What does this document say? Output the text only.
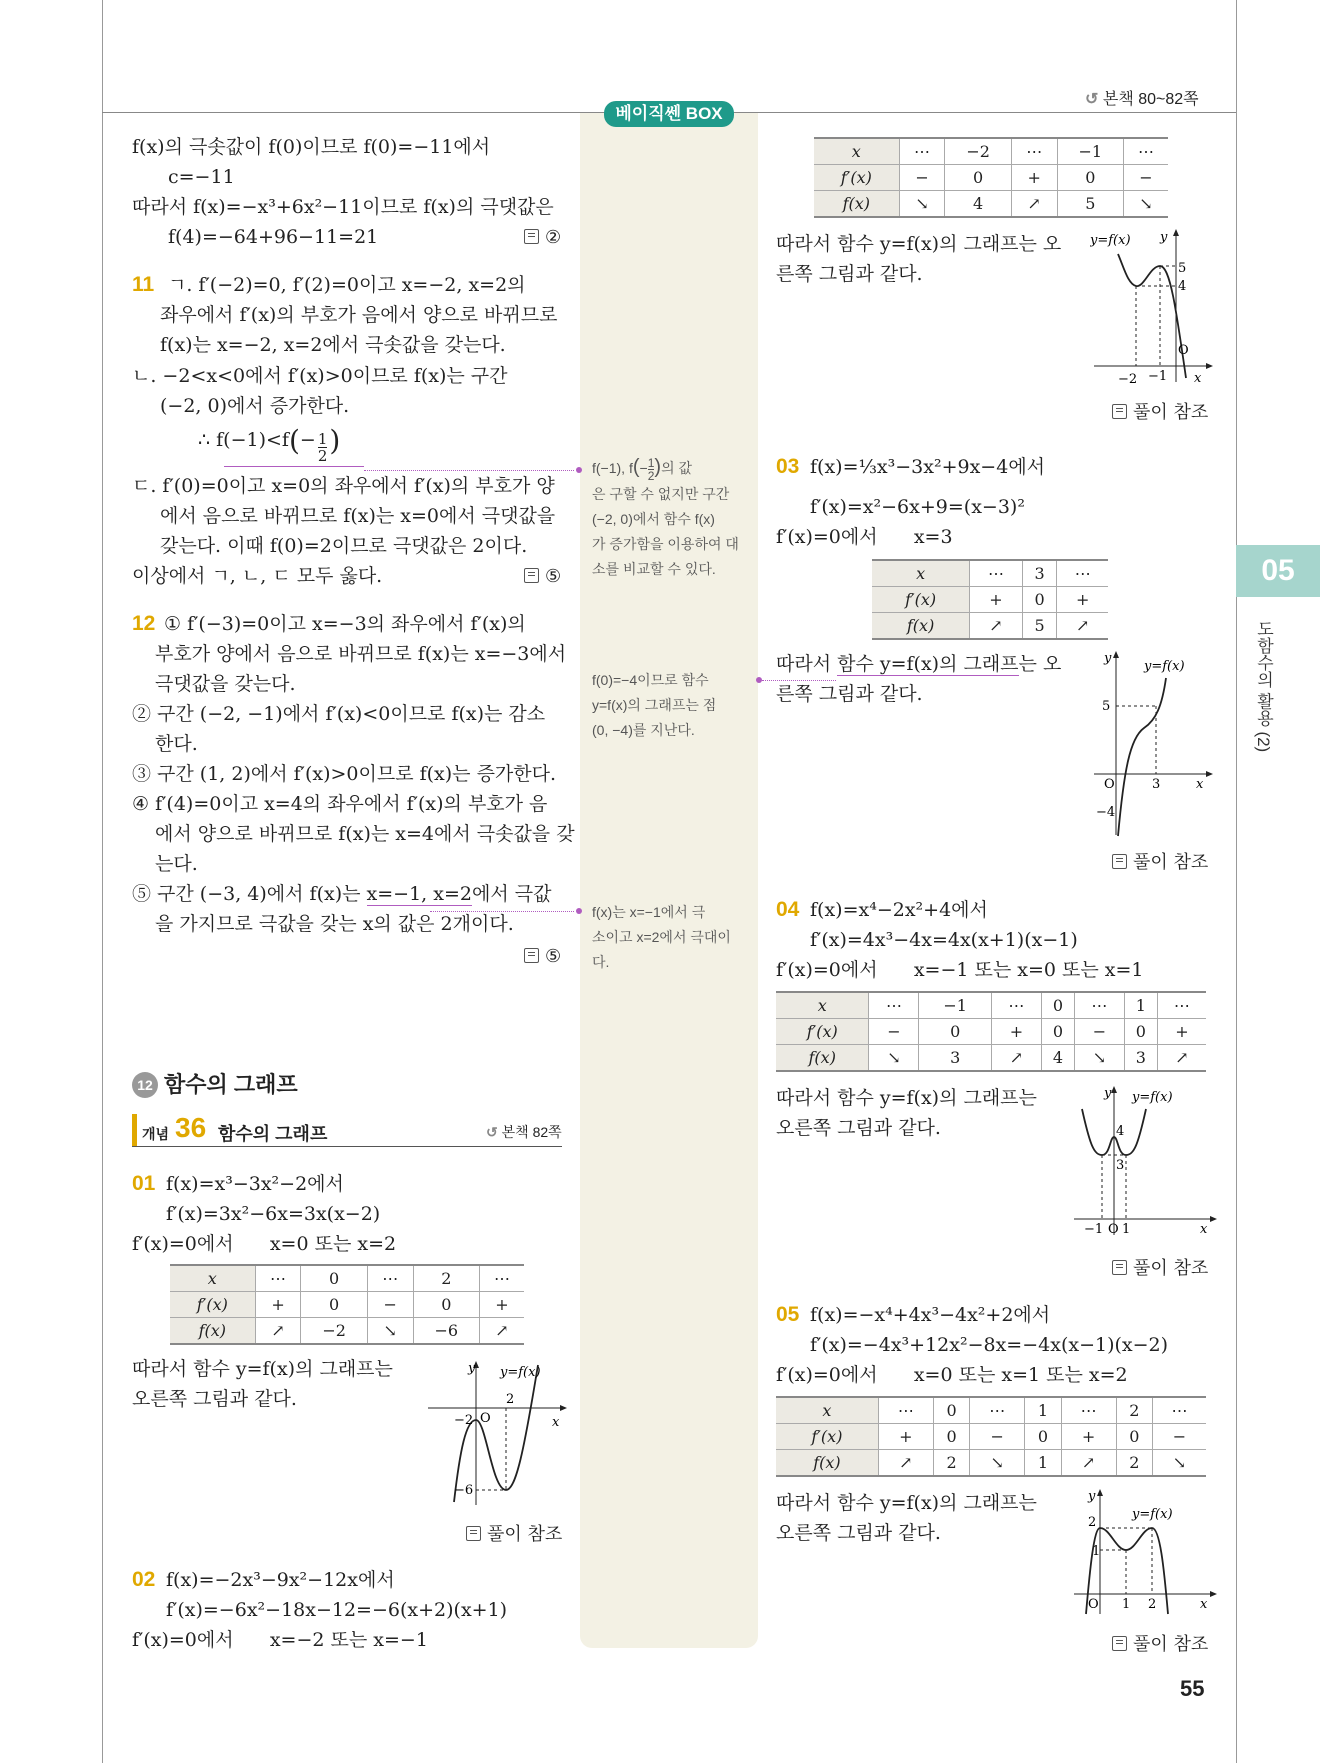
베이직쎈 BOX
↺ 본책 80~82쪽
05
도함수의 활용 (2)
f(x)의 극솟값이 f(0)이므로 f(0)=−11에서
c=−11
따라서 f(x)=−x³+6x²−11이므로 f(x)의 극댓값은
f(4)=−64+96−11=21	②
11 ㄱ. f′(−2)=0, f′(2)=0이고 x=−2, x=2의
좌우에서 f′(x)의 부호가 음에서 양으로 바뀌므로
f(x)는 x=−2, x=2에서 극솟값을 갖는다.
ㄴ. −2<x<0에서 f′(x)>0이므로 f(x)는 구간
(−2, 0)에서 증가한다.
∴ $f(-1)<f(- \frac{1}{2}$ )
ㄷ. f′(0)=0이고 x=0의 좌우에서 f′(x)의 부호가 양
에서 음으로 바뀌므로 f(x)는 x=0에서 극댓값을
갖는다. 이때 f(0)=2이므로 극댓값은 2이다.
이상에서 ㄱ, ㄴ, ㄷ 모두 옳다.	⑤
12 ① f′(−3)=0이고 x=−3의 좌우에서 f′(x)의
부호가 양에서 음으로 바뀌므로 f(x)는 x=−3에서
극댓값을 갖는다.
② 구간 (−2, −1)에서 f′(x)<0이므로 f(x)는 감소
한다.
③ 구간 (1, 2)에서 f′(x)>0이므로 f(x)는 증가한다.
④ f′(4)=0이고 x=4의 좌우에서 f′(x)의 부호가 음
에서 양으로 바뀌므로 f(x)는 x=4에서 극솟값을 갖
는다.
⑤ 구간 (−3, 4)에서 f(x)는 x=−1, x=2에서 극값
을 가지므로 극값을 갖는 x의 값은 2개이다.
⑤
12 함수의 그래프
개념 36 함수의 그래프	↺ 본책 82쪽
01 f(x)=x³−3x²−2에서
f′(x)=3x²−6x=3x(x−2)
f′(x)=0에서      x=0 또는 x=2
x	⋯	0	⋯	2	⋯
f′(x)	+	0	−	0	+
f(x)	↗	−2	↘	−6	↗
따라서 함수 y=f(x)의 그래프는
오른쪽 그림과 같다.
y y=f(x)
x
O
2
−2
−6
풀이 참조
02 f(x)=−2x³−9x²−12x에서
f′(x)=−6x²−18x−12=−6(x+2)(x+1)
f′(x)=0에서      x=−2 또는 x=−1
f(−1), $f(- \frac{1}{2}$ )의 값
은 구할 수 없지만 구간
(−2, 0)에서 함수 f(x)
가 증가함을 이용하여 대
소를 비교할 수 있다.
f(0)=−4이므로 함수
y=f(x)의 그래프는 점
(0, −4)를 지난다.
f(x)는 x=−1에서 극
소이고 x=2에서 극대이
다.
x	⋯	−2	⋯	−1	⋯
f′(x)	−	0	+	0	−
f(x)	↘	4	↗	5	↘
따라서 함수 y=f(x)의 그래프는 오
른쪽 그림과 같다.
y=f(x) y
x
O
5
4
−2 −1
풀이 참조
03 f(x)=⅓x³−3x²+9x−4에서
f′(x)=x²−6x+9=(x−3)²
f′(x)=0에서      x=3
x	⋯	3	⋯
f′(x)	+	0	+
f(x)	↗	5	↗
따라서 함수 y=f(x)의 그래프는 오
른쪽 그림과 같다.
y
y=f(x)
x
O
5
3
−4
풀이 참조
04 f(x)=x⁴−2x²+4에서
f′(x)=4x³−4x=4x(x+1)(x−1)
f′(x)=0에서      x=−1 또는 x=0 또는 x=1
x	⋯	−1	⋯	0	⋯	1	⋯
f′(x)	−	0	+	0	−	0	+
f(x)	↘	3	↗	4	↘	3	↗
따라서 함수 y=f(x)의 그래프는
오른쪽 그림과 같다.
y y=f(x)
x
O
4
3
−1 1
풀이 참조
05 f(x)=−x⁴+4x³−4x²+2에서
f′(x)=−4x³+12x²−8x=−4x(x−1)(x−2)
f′(x)=0에서      x=0 또는 x=1 또는 x=2
x	⋯	0	⋯	1	⋯	2	⋯
f′(x)	+	0	−	0	+	0	−
f(x)	↗	2	↘	1	↗	2	↘
따라서 함수 y=f(x)의 그래프는
오른쪽 그림과 같다.
y
y=f(x)
x
O
2
1
1 2
풀이 참조
55
